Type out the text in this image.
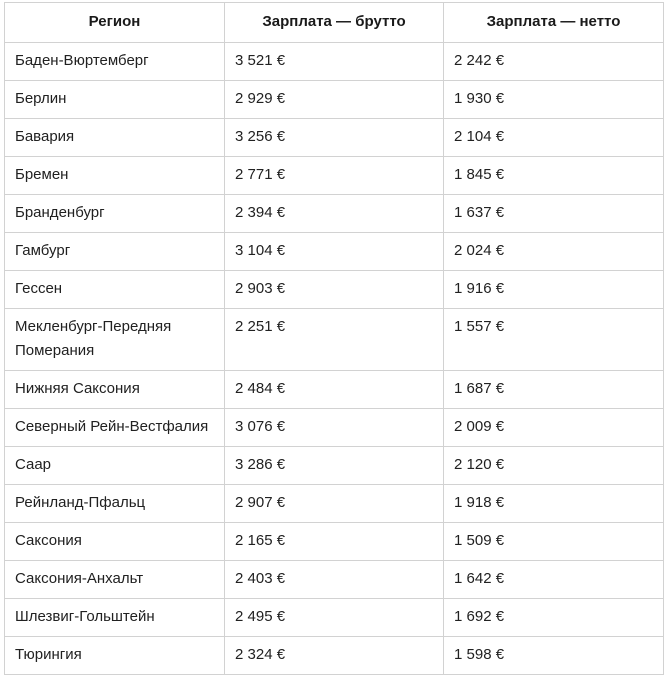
Регион	Зарплата — брутто	Зарплата — нетто
Баден-Вюртемберг	3 521 €	2 242 €
Берлин	2 929 €	1 930 €
Бавария	3 256 €	2 104 €
Бремен	2 771 €	1 845 €
Бранденбург	2 394 €	1 637 €
Гамбург	3 104 €	2 024 €
Гессен	2 903 €	1 916 €
Мекленбург-Передняя Померания	2 251 €	1 557 €
Нижняя Саксония	2 484 €	1 687 €
Северный Рейн-Вестфалия	3 076 €	2 009 €
Саар	3 286 €	2 120 €
Рейнланд-Пфальц	2 907 €	1 918 €
Саксония	2 165 €	1 509 €
Саксония-Анхальт	2 403 €	1 642 €
Шлезвиг-Гольштейн	2 495 €	1 692 €
Тюрингия	2 324 €	1 598 €
